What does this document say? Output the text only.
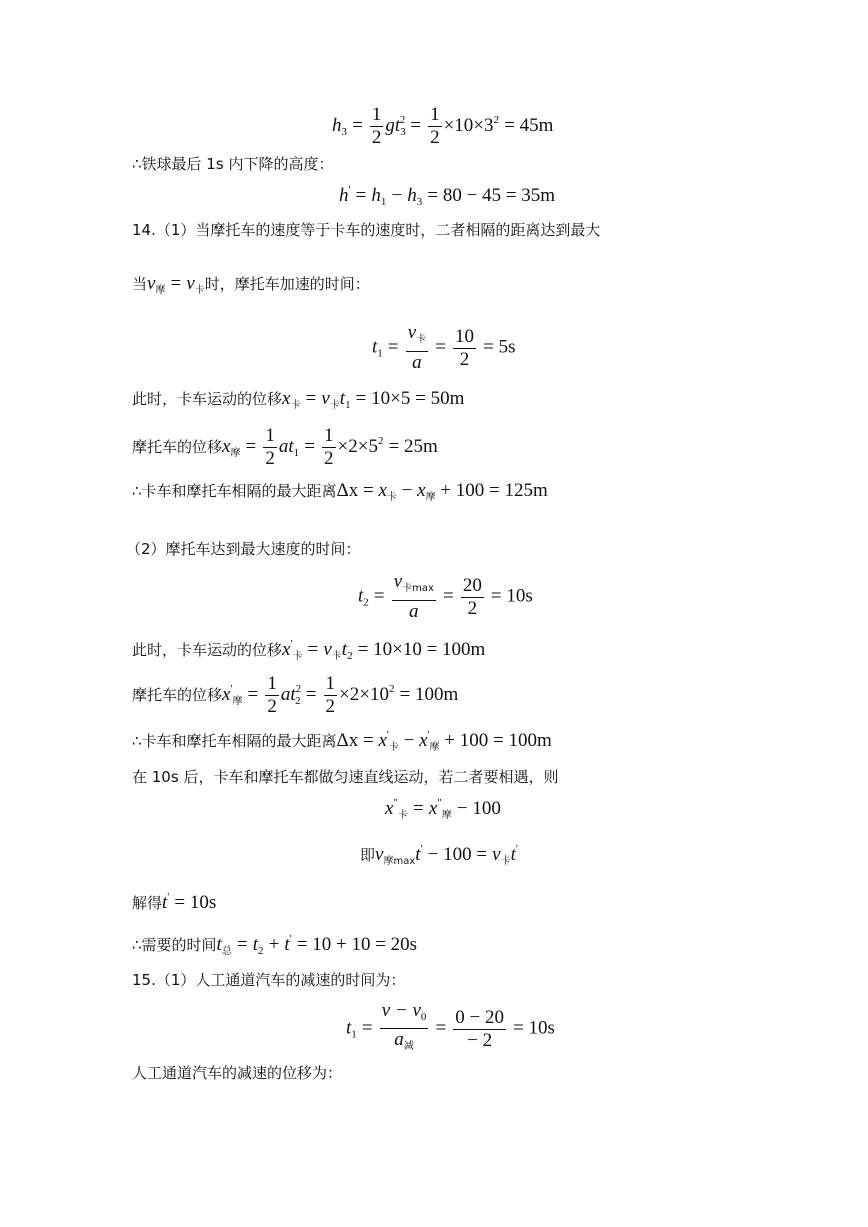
$h_3 = \frac{1}{2} gt_3^2 = \frac{1}{2} \times 10\times 3^2 = 45m$
∴铁球最后 1s 内下降的高度：
$h' = h_1 - h_3 = 80 - 45 = 35m$
14.（1）当摩托车的速度等于卡车的速度时，二者相隔的距离达到最大
当$v_摩 = v_卡$时，摩托车加速的时间：
$t_1 = \frac{v_卡}{a} = \frac{10}{2} = 5s$
此时，卡车运动的位移$x_卡 = v_卡t_1 = 10\times 5 = 50m$
摩托车的位移$x_摩 = \frac{1}{2} at_1 = \frac{1}{2} \times 2\times 5^2 = 25m$
∴卡车和摩托车相隔的最大距离$\Delta x = x_卡 - x_摩 + 100 = 125m$
（2）摩托车达到最大速度的时间：
$t_2 = \frac{v_{卡max}}{a} = \frac{20}{2} = 10s$
此时，卡车运动的位移$x'_卡 = v_卡t_2 = 10\times 10 = 100m$
摩托车的位移$x'_摩 = \frac{1}{2} at^2_2 = \frac{1}{2} \times 2\times 10^2 = 100m$
∴卡车和摩托车相隔的最大距离$\Delta x = x'_卡 - x'_摩 + 100 = 100m$
在 10s 后，卡车和摩托车都做匀速直线运动，若二者要相遇，则
$x^"_卡 = x^"_摩 - 100$
即$v_{摩max}t' - 100 = v_卡t'$
解得t' = 10s
∴需要的时间$t_总 = t_2 + t' = 10 + 10 = 20s$
15.（1）人工通道汽车的减速的时间为：
$t_1 = \frac{v - v_0}{a_减} = \frac{0 - 20}{- 2} = 10s$
人工通道汽车的减速的位移为：
